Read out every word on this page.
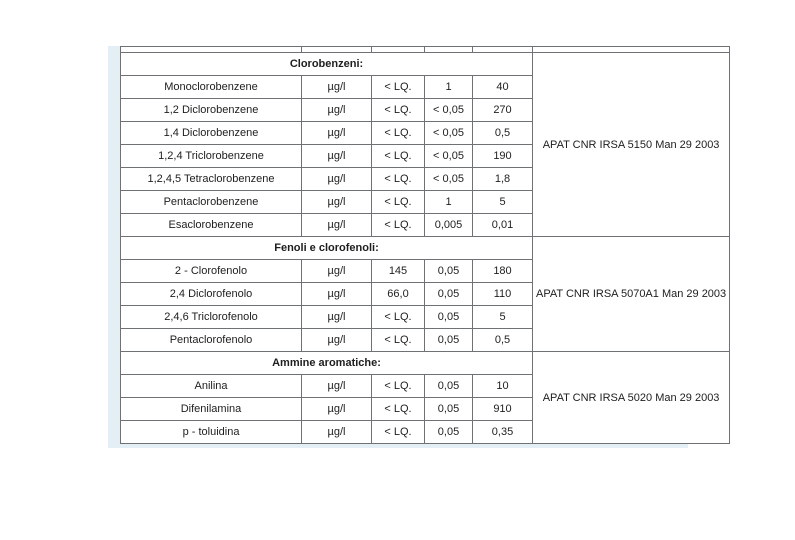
Clorobenzeni:					APAT CNR IRSA 5150 Man 29 2003
Monoclorobenzene	µg/l	< LQ.	1	40	
1,2 Diclorobenzene	µg/l	< LQ.	< 0,05	270	
1,4 Diclorobenzene	µg/l	< LQ.	< 0,05	0,5	
1,2,4 Triclorobenzene	µg/l	< LQ.	< 0,05	190	
1,2,4,5 Tetraclorobenzene	µg/l	< LQ.	< 0,05	1,8	
Pentaclorobenzene	µg/l	< LQ.	1	5	
Esaclorobenzene	µg/l	< LQ.	0,005	0,01	
Fenoli e clorofenoli:					APAT CNR IRSA 5070A1 Man 29 2003
2 - Clorofenolo	µg/l	145	0,05	180	
2,4 Diclorofenolo	µg/l	66,0	0,05	110	
2,4,6 Triclorofenolo	µg/l	< LQ.	0,05	5	
Pentaclorofenolo	µg/l	< LQ.	0,05	0,5	
Ammine aromatiche:					APAT CNR IRSA 5020 Man 29 2003
Anilina	µg/l	< LQ.	0,05	10	
Difenilamina	µg/l	< LQ.	0,05	910	
p - toluidina	µg/l	< LQ.	0,05	0,35	
